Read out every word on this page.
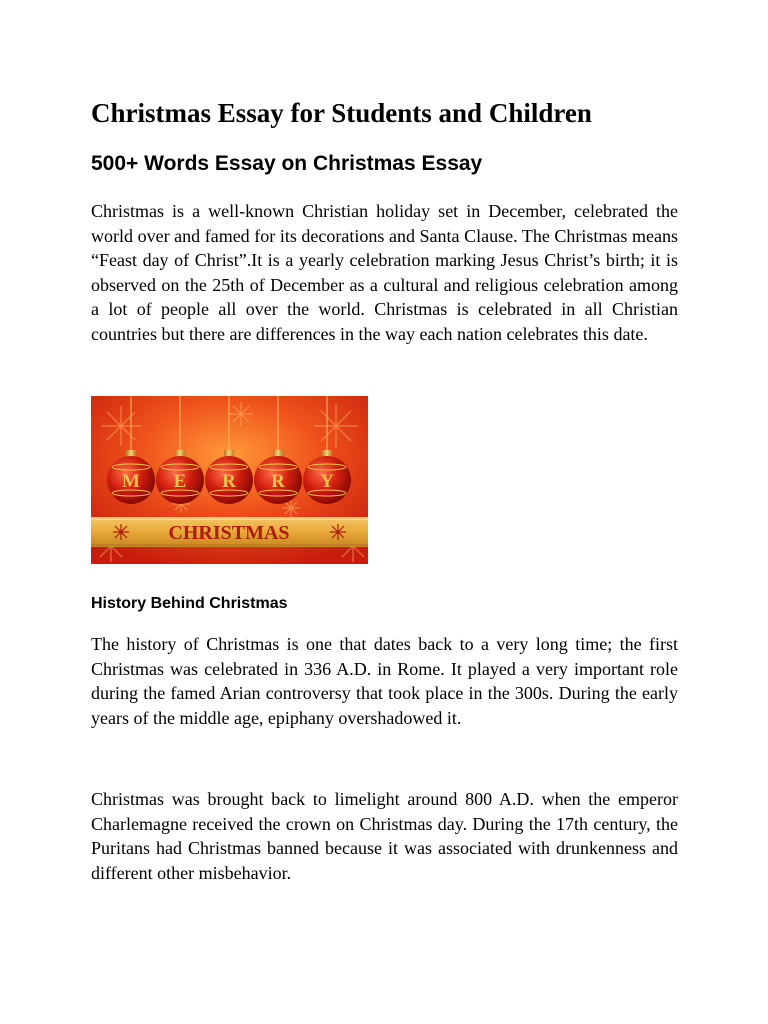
Christmas Essay for Students and Children
500+ Words Essay on Christmas Essay

Christmas is a well-known Christian holiday set in December, celebrated the world over and famed for its decorations and Santa Clause. The Christmas means “Feast day of Christ”.It is a yearly celebration marking Jesus Christ’s birth; it is observed on the 25th of December as a cultural and religious celebration among a lot of people all over the world. Christmas is celebrated in all Christian countries but there are differences in the way each nation celebrates this date.

M E R R Y
CHRISTMAS
History Behind Christmas

The history of Christmas is one that dates back to a very long time; the first Christmas was celebrated in 336 A.D. in Rome. It played a very important role during the famed Arian controversy that took place in the 300s. During the early years of the middle age, epiphany overshadowed it.

Christmas was brought back to limelight around 800 A.D. when the emperor Charlemagne received the crown on Christmas day. During the 17th century, the Puritans had Christmas banned because it was associated with drunkenness and different other misbehavior.
